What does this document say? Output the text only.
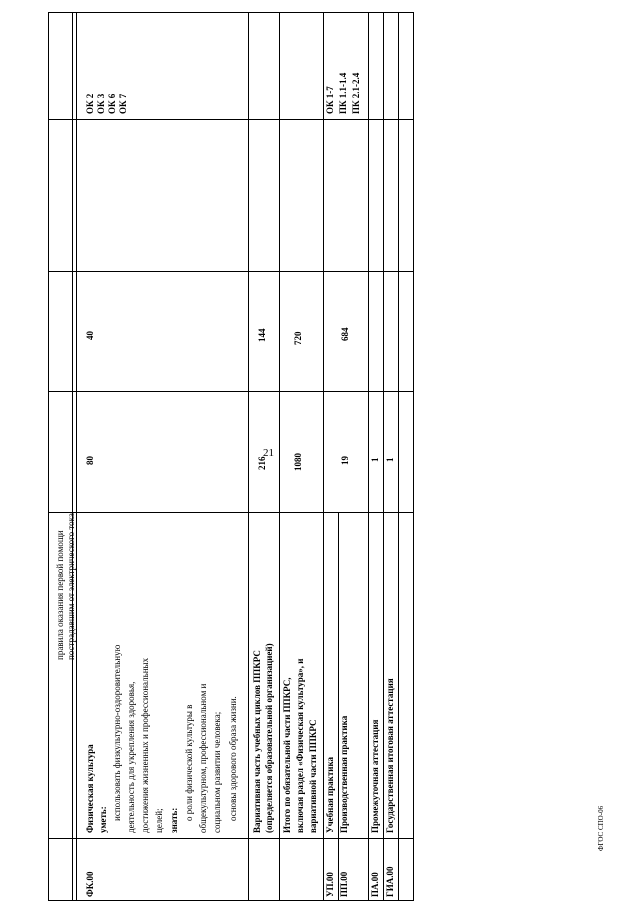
21
правила оказания первой помощи пострадавшим от электрического тока
ФК.00
Физическая культура уметь: использовать физкультурно-оздоровительную деятельность для укрепления здоровья, достижения жизненных и профессиональных целей; знать: о роли физической культуры в общекультурном, профессиональном и социальном развитии человека; основы здорового образа жизни.
80
40
ОК 2 ОК 3 ОК 6 ОК 7
Вариативная часть учебных циклов ППКРС (определяется образовательной организацией)
216
144
Итого по обязательной части ППКРС, включая раздел «Физическая культура», и вариативной части ППКРС
1080
720
УП.00
Учебная практика
ПП.00
Производственная практика
19
684
ОК 1-7 ПК 1.1-1.4 ПК 2.1-2.4
ПА.00
Промежуточная аттестация
1
ГИА.00
Государственная итоговая аттестация
1
ФГОС СПО-06
